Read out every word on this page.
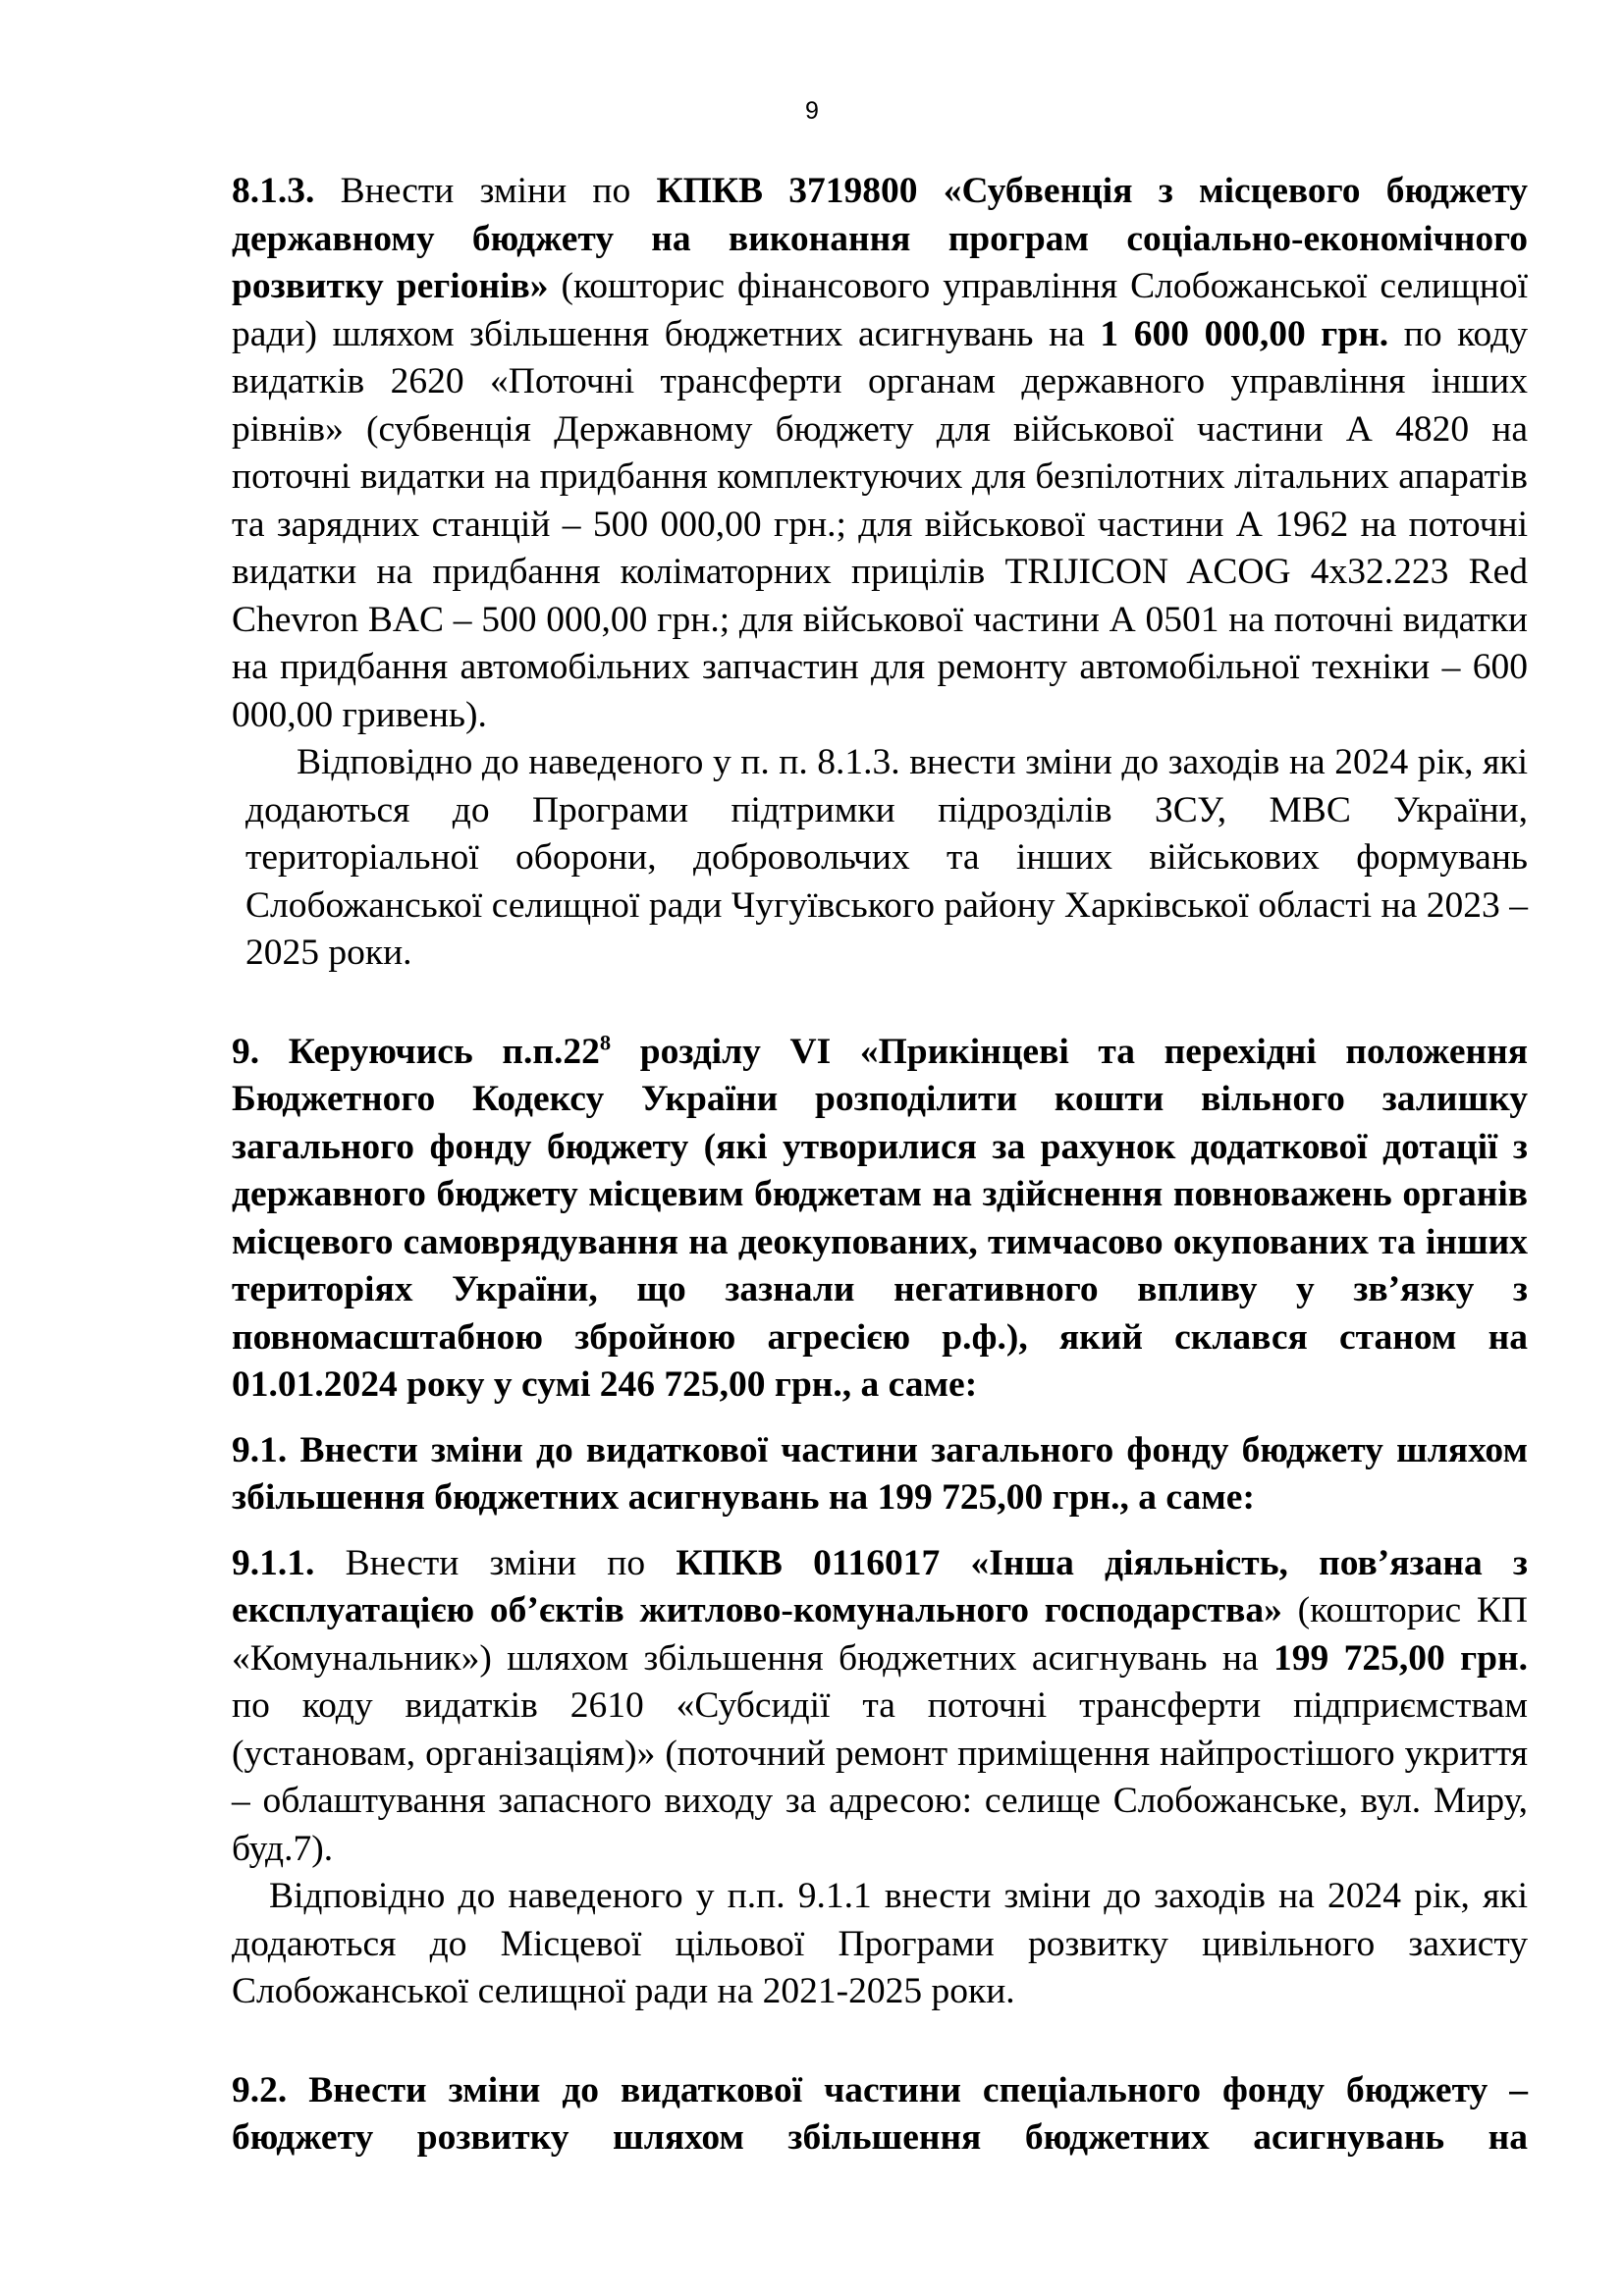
9

8.1.3. Внести зміни по КПКВ 3719800 «Субвенція з місцевого бюджету державному бюджету на виконання програм соціально-економічного розвитку регіонів» (кошторис фінансового управління Слобожанської селищної ради) шляхом збільшення бюджетних асигнувань на 1 600 000,00 грн. по коду видатків 2620 «Поточні трансферти органам державного управління інших рівнів» (субвенція Державному бюджету для військової частини А 4820 на поточні видатки на придбання комплектуючих для безпілотних літальних апаратів та зарядних станцій – 500 000,00 грн.; для військової частини А 1962 на поточні видатки на придбання коліматорних прицілів TRIJICON ACOG 4x32.223 Red Chevron BAC – 500 000,00 грн.; для військової частини А 0501 на поточні видатки на придбання автомобільних запчастин для ремонту автомобільної техніки – 600 000,00 гривень).

Відповідно до наведеного у п. п. 8.1.3. внести зміни до заходів на 2024 рік, які додаються до Програми підтримки підрозділів ЗСУ, МВС України, територіальної оборони, добровольчих та інших військових формувань Слобожанської селищної ради Чугуївського району Харківської області на 2023 – 2025 роки.

9. Керуючись $п.п.22^8$ розділу VI «Прикінцеві та перехідні положення Бюджетного Кодексу України розподілити кошти вільного залишку загального фонду бюджету (які утворилися за рахунок додаткової дотації з державного бюджету місцевим бюджетам на здійснення повноважень органів місцевого самоврядування на деокупованих, тимчасово окупованих та інших територіях України, що зазнали негативного впливу у зв’язку з повномасштабною збройною агресією р.ф.), який склався станом на 01.01.2024 року у сумі 246 725,00 грн., а саме:

9.1. Внести зміни до видаткової частини загального фонду бюджету шляхом збільшення бюджетних асигнувань на 199 725,00 грн., а саме:

9.1.1. Внести зміни по КПКВ 0116017 «Інша діяльність, пов’язана з експлуатацією об’єктів житлово-комунального господарства» (кошторис КП «Комунальник») шляхом збільшення бюджетних асигнувань на 199 725,00 грн. по коду видатків 2610 «Субсидії та поточні трансферти підприємствам (установам, організаціям)» (поточний ремонт приміщення найпростішого укриття – облаштування запасного виходу за адресою: селище Слобожанське, вул. Миру, буд.7).

Відповідно до наведеного у п.п. 9.1.1 внести зміни до заходів на 2024 рік, які додаються до Місцевої цільової Програми розвитку цивільного захисту Слобожанської селищної ради на 2021-2025 роки.

9.2. Внести зміни до видаткової частини спеціального фонду бюджету – бюджету розвитку шляхом збільшення бюджетних асигнувань на
